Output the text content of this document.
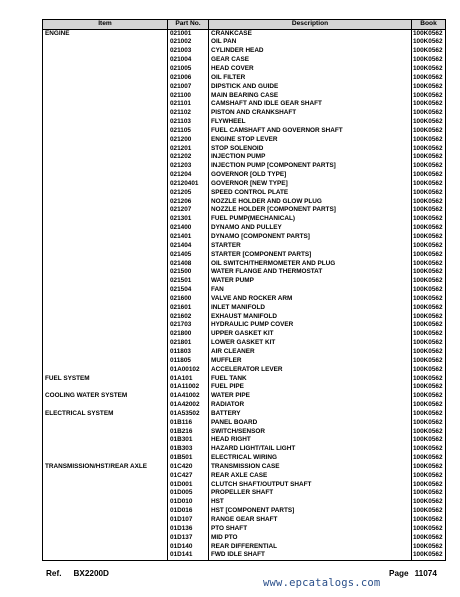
Item	Part No.	Description	Book
ENGINE	021001	CRANKCASE	100K0562
	021002	OIL PAN	100K0562
	021003	CYLINDER HEAD	100K0562
	021004	GEAR CASE	100K0562
	021005	HEAD COVER	100K0562
	021006	OIL FILTER	100K0562
	021007	DIPSTICK AND GUIDE	100K0562
	021100	MAIN BEARING CASE	100K0562
	021101	CAMSHAFT AND IDLE GEAR SHAFT	100K0562
	021102	PISTON AND CRANKSHAFT	100K0562
	021103	FLYWHEEL	100K0562
	021105	FUEL CAMSHAFT AND GOVERNOR SHAFT	100K0562
	021200	ENGINE STOP LEVER	100K0562
	021201	STOP SOLENOID	100K0562
	021202	INJECTION PUMP	100K0562
	021203	INJECTION PUMP [COMPONENT PARTS]	100K0562
	021204	GOVERNOR [OLD TYPE]	100K0562
	02120401	GOVERNOR [NEW TYPE]	100K0562
	021205	SPEED CONTROL PLATE	100K0562
	021206	NOZZLE HOLDER AND GLOW PLUG	100K0562
	021207	NOZZLE HOLDER [COMPONENT PARTS]	100K0562
	021301	FUEL PUMP(MECHANICAL)	100K0562
	021400	DYNAMO AND PULLEY	100K0562
	021401	DYNAMO [COMPONENT PARTS]	100K0562
	021404	STARTER	100K0562
	021405	STARTER [COMPONENT PARTS]	100K0562
	021408	OIL SWITCH/THERMOMETER AND PLUG	100K0562
	021500	WATER FLANGE AND THERMOSTAT	100K0562
	021501	WATER PUMP	100K0562
	021504	FAN	100K0562
	021600	VALVE AND ROCKER ARM	100K0562
	021601	INLET MANIFOLD	100K0562
	021602	EXHAUST MANIFOLD	100K0562
	021703	HYDRAULIC PUMP COVER	100K0562
	021800	UPPER GASKET KIT	100K0562
	021801	LOWER GASKET KIT	100K0562
	011803	AIR CLEANER	100K0562
	011805	MUFFLER	100K0562
	01A00102	ACCELERATOR LEVER	100K0562
FUEL SYSTEM	01A101	FUEL TANK	100K0562
	01A11002	FUEL PIPE	100K0562
COOLING WATER SYSTEM	01A41002	WATER PIPE	100K0562
	01A42002	RADIATOR	100K0562
ELECTRICAL SYSTEM	01A53502	BATTERY	100K0562
	01B116	PANEL BOARD	100K0562
	01B216	SWITCH/SENSOR	100K0562
	01B301	HEAD RIGHT	100K0562
	01B303	HAZARD LIGHT/TAIL LIGHT	100K0562
	01B501	ELECTRICAL WIRING	100K0562
TRANSMISSION/HST/REAR AXLE	01C420	TRANSMISSION CASE	100K0562
	01C427	REAR AXLE CASE	100K0562
	01D001	CLUTCH SHAFT/OUTPUT SHAFT	100K0562
	01D005	PROPELLER SHAFT	100K0562
	01D010	HST	100K0562
	01D016	HST [COMPONENT PARTS]	100K0562
	01D107	RANGE GEAR SHAFT	100K0562
	01D136	PTO SHAFT	100K0562
	01D137	MID PTO	100K0562
	01D140	REAR DIFFERENTIAL	100K0562
	01D141	FWD IDLE SHAFT	100K0562
Ref. BX2200D	Page 11074
www.epcatalogs.com
